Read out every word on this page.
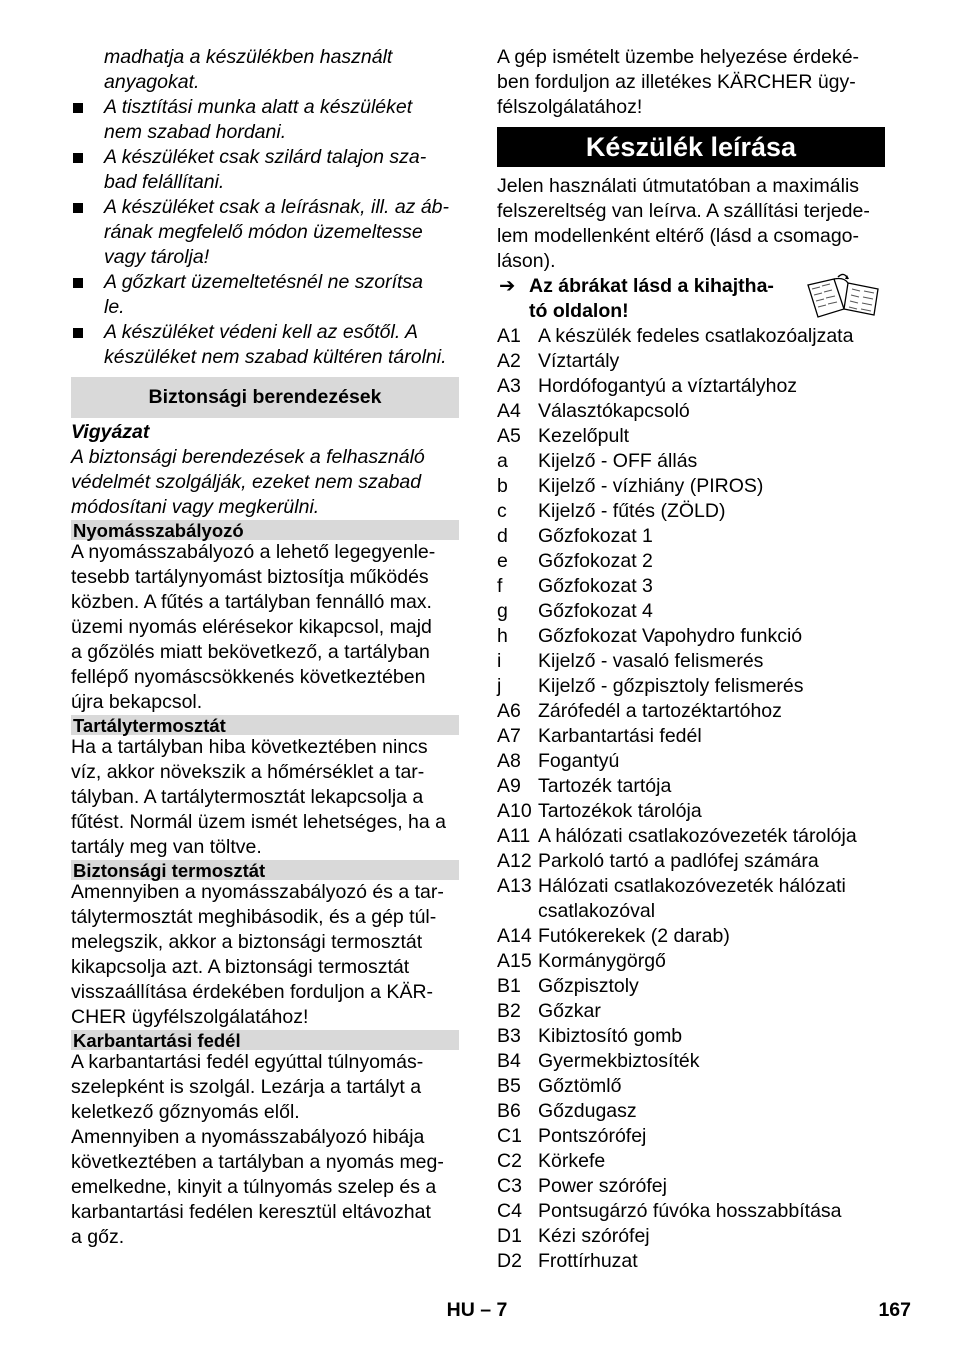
madhatja a készülékben használt
anyagokat.
A tisztítási munka alatt a készüléket
nem szabad hordani.
A készüléket csak szilárd talajon sza-
bad felállítani.
A készüléket csak a leírásnak, ill. az áb-
rának megfelelő módon üzemeltesse
vagy tárolja!
A gőzkart üzemeltetésnél ne szorítsa
le.
A készüléket védeni kell az esőtől. A
készüléket nem szabad kültéren tárolni.
Biztonsági berendezések
Vigyázat
A biztonsági berendezések a felhasználó
védelmét szolgálják, ezeket nem szabad
módosítani vagy megkerülni.
Nyomásszabályozó
A nyomásszabályozó a lehető legegyenle-
tesebb tartálynyomást biztosítja működés
közben. A fűtés a tartályban fennálló max.
üzemi nyomás elérésekor kikapcsol, majd
a gőzölés miatt bekövetkező, a tartályban
fellépő nyomáscsökkenés következtében
újra bekapcsol.
Tartálytermosztát
Ha a tartályban hiba következtében nincs
víz, akkor növekszik a hőmérséklet a tar-
tályban. A tartálytermosztát lekapcsolja a
fűtést. Normál üzem ismét lehetséges, ha a
tartály meg van töltve.
Biztonsági termosztát
Amennyiben a nyomásszabályozó és a tar-
tálytermosztát meghibásodik, és a gép túl-
melegszik, akkor a biztonsági termosztát
kikapcsolja azt. A biztonsági termosztát
visszaállítása érdekében forduljon a KÄR-
CHER ügyfélszolgálatához!
Karbantartási fedél
A karbantartási fedél egyúttal túlnyomás-
szelepként is szolgál. Lezárja a tartályt a
keletkező gőznyomás elől.
Amennyiben a nyomásszabályozó hibája
következtében a tartályban a nyomás meg-
emelkedne, kinyit a túlnyomás szelep és a
karbantartási fedélen keresztül eltávozhat
a gőz.
A gép ismételt üzembe helyezése érdeké-
ben forduljon az illetékes KÄRCHER ügy-
félszolgálatához!
Készülék leírása
Jelen használati útmutatóban a maximális
felszereltség van leírva. A szállítási terjede-
lem modellenként eltérő (lásd a csomago-
láson).
➔ Az ábrákat lásd a kihajtha-
tó oldalon!
A1 A készülék fedeles csatlakozóaljzata
A2 Víztartály
A3 Hordófogantyú a víztartályhoz
A4 Választókapcsoló
A5 Kezelőpult
a Kijelző - OFF állás
b Kijelző - vízhiány (PIROS)
c Kijelző - fűtés (ZÖLD)
d Gőzfokozat 1
e Gőzfokozat 2
f Gőzfokozat 3
g Gőzfokozat 4
h Gőzfokozat Vapohydro funkció
i Kijelző - vasaló felismerés
j Kijelző - gőzpisztoly felismerés
A6 Zárófedél a tartozéktartóhoz
A7 Karbantartási fedél
A8 Fogantyú
A9 Tartozék tartója
A10 Tartozékok tárolója
A11 A hálózati csatlakozóvezeték tárolója
A12 Parkoló tartó a padlófej számára
A13 Hálózati csatlakozóvezeték hálózati
csatlakozóval
A14 Futókerekek (2 darab)
A15 Kormánygörgő
B1 Gőzpisztoly
B2 Gőzkar
B3 Kibiztosító gomb
B4 Gyermekbiztosíték
B5 Gőztömlő
B6 Gőzdugasz
C1 Pontszórófej
C2 Körkefe
C3 Power szórófej
C4 Pontsugárzó fúvóka hosszabbítása
D1 Kézi szórófej
D2 Frottírhuzat
HU – 7	167
